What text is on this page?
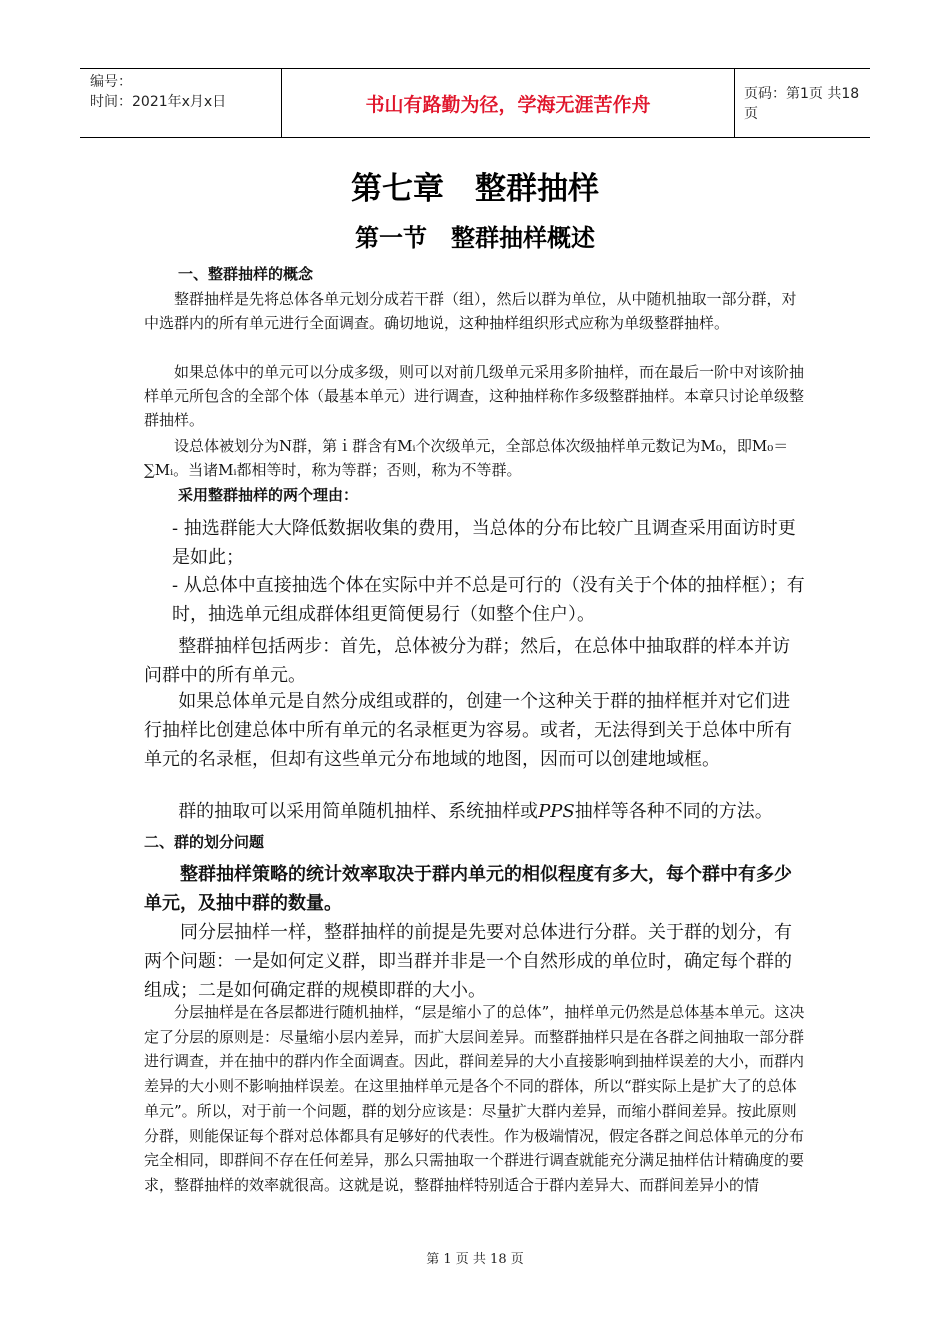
编号：
时间：2021年x月x日	书山有路勤为径，学海无涯苦作舟	页码：第1页 共18页
第七章　整群抽样
第一节　整群抽样概述
一、整群抽样的概念
整群抽样是先将总体各单元划分成若干群（组），然后以群为单位，从中随机抽取一部分群，对中选群内的所有单元进行全面调查。确切地说，这种抽样组织形式应称为单级整群抽样。
如果总体中的单元可以分成多级，则可以对前几级单元采用多阶抽样，而在最后一阶中对该阶抽样单元所包含的全部个体（最基本单元）进行调查，这种抽样称作多级整群抽样。本章只讨论单级整群抽样。
设总体被划分为N群，第ｉ群含有Mᵢ个次级单元，全部总体次级抽样单元数记为M₀，即M₀＝∑Mᵢ。当诸Mᵢ都相等时，称为等群；否则，称为不等群。
采用整群抽样的两个理由：
- 抽选群能大大降低数据收集的费用，当总体的分布比较广且调查采用面访时更是如此；
- 从总体中直接抽选个体在实际中并不总是可行的（没有关于个体的抽样框）；有时，抽选单元组成群体组更简便易行（如整个住户）。
整群抽样包括两步：首先，总体被分为群；然后，在总体中抽取群的样本并访问群中的所有单元。
如果总体单元是自然分成组或群的，创建一个这种关于群的抽样框并对它们进行抽样比创建总体中所有单元的名录框更为容易。或者，无法得到关于总体中所有单元的名录框，但却有这些单元分布地域的地图，因而可以创建地域框。
群的抽取可以采用简单随机抽样、系统抽样或PPS抽样等各种不同的方法。
二、群的划分问题
整群抽样策略的统计效率取决于群内单元的相似程度有多大，每个群中有多少单元，及抽中群的数量。
同分层抽样一样，整群抽样的前提是先要对总体进行分群。关于群的划分，有两个问题：一是如何定义群，即当群并非是一个自然形成的单位时，确定每个群的组成；二是如何确定群的规模即群的大小。
分层抽样是在各层都进行随机抽样，“层是缩小了的总体”，抽样单元仍然是总体基本单元。这决定了分层的原则是：尽量缩小层内差异，而扩大层间差异。而整群抽样只是在各群之间抽取一部分群进行调查，并在抽中的群内作全面调查。因此，群间差异的大小直接影响到抽样误差的大小，而群内差异的大小则不影响抽样误差。在这里抽样单元是各个不同的群体，所以“群实际上是扩大了的总体单元”。所以，对于前一个问题，群的划分应该是：尽量扩大群内差异，而缩小群间差异。按此原则分群，则能保证每个群对总体都具有足够好的代表性。作为极端情况，假定各群之间总体单元的分布完全相同，即群间不存在任何差异，那么只需抽取一个群进行调查就能充分满足抽样估计精确度的要求，整群抽样的效率就很高。这就是说，整群抽样特别适合于群内差异大、而群间差异小的情
第 1 页 共 18 页
